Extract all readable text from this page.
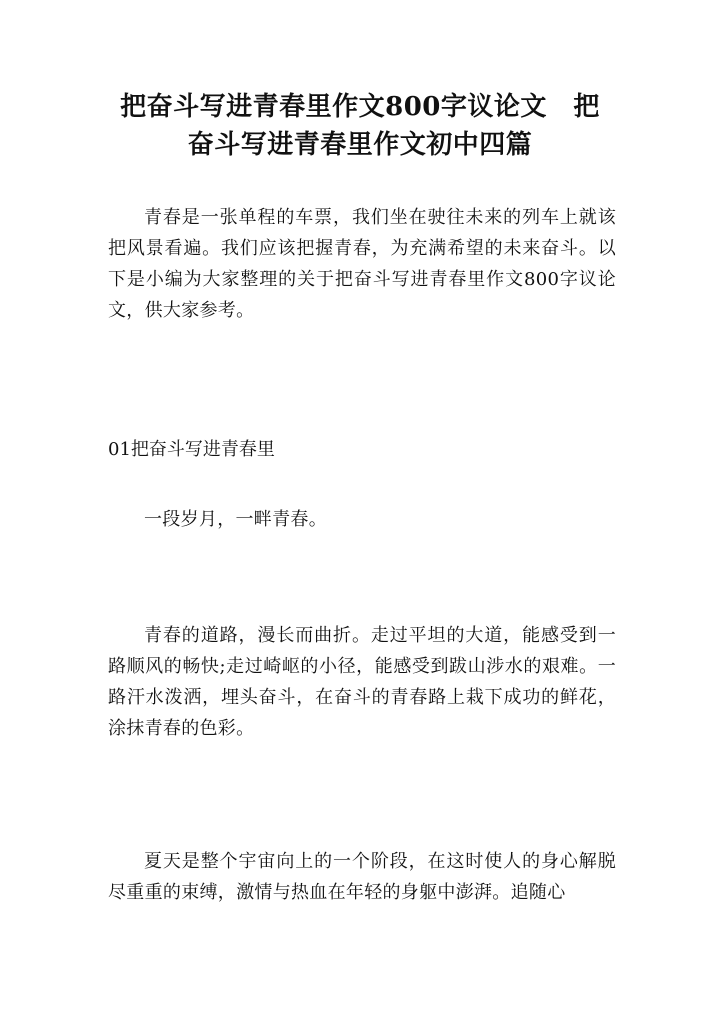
把奋斗写进青春里作文800字议论文　把
奋斗写进青春里作文初中四篇

青春是一张单程的车票，我们坐在驶往未来的列车上就该把风景看遍。我们应该把握青春，为充满希望的未来奋斗。以下是小编为大家整理的关于把奋斗写进青春里作文800字议论文，供大家参考。

01把奋斗写进青春里

一段岁月，一畔青春。

青春的道路，漫长而曲折。走过平坦的大道，能感受到一路顺风的畅快;走过崎岖的小径，能感受到跋山涉水的艰难。一路汗水泼洒，埋头奋斗，在奋斗的青春路上栽下成功的鲜花，涂抹青春的色彩。

夏天是整个宇宙向上的一个阶段，在这时使人的身心解脱尽重重的束缚，激情与热血在年轻的身躯中澎湃。追随心
